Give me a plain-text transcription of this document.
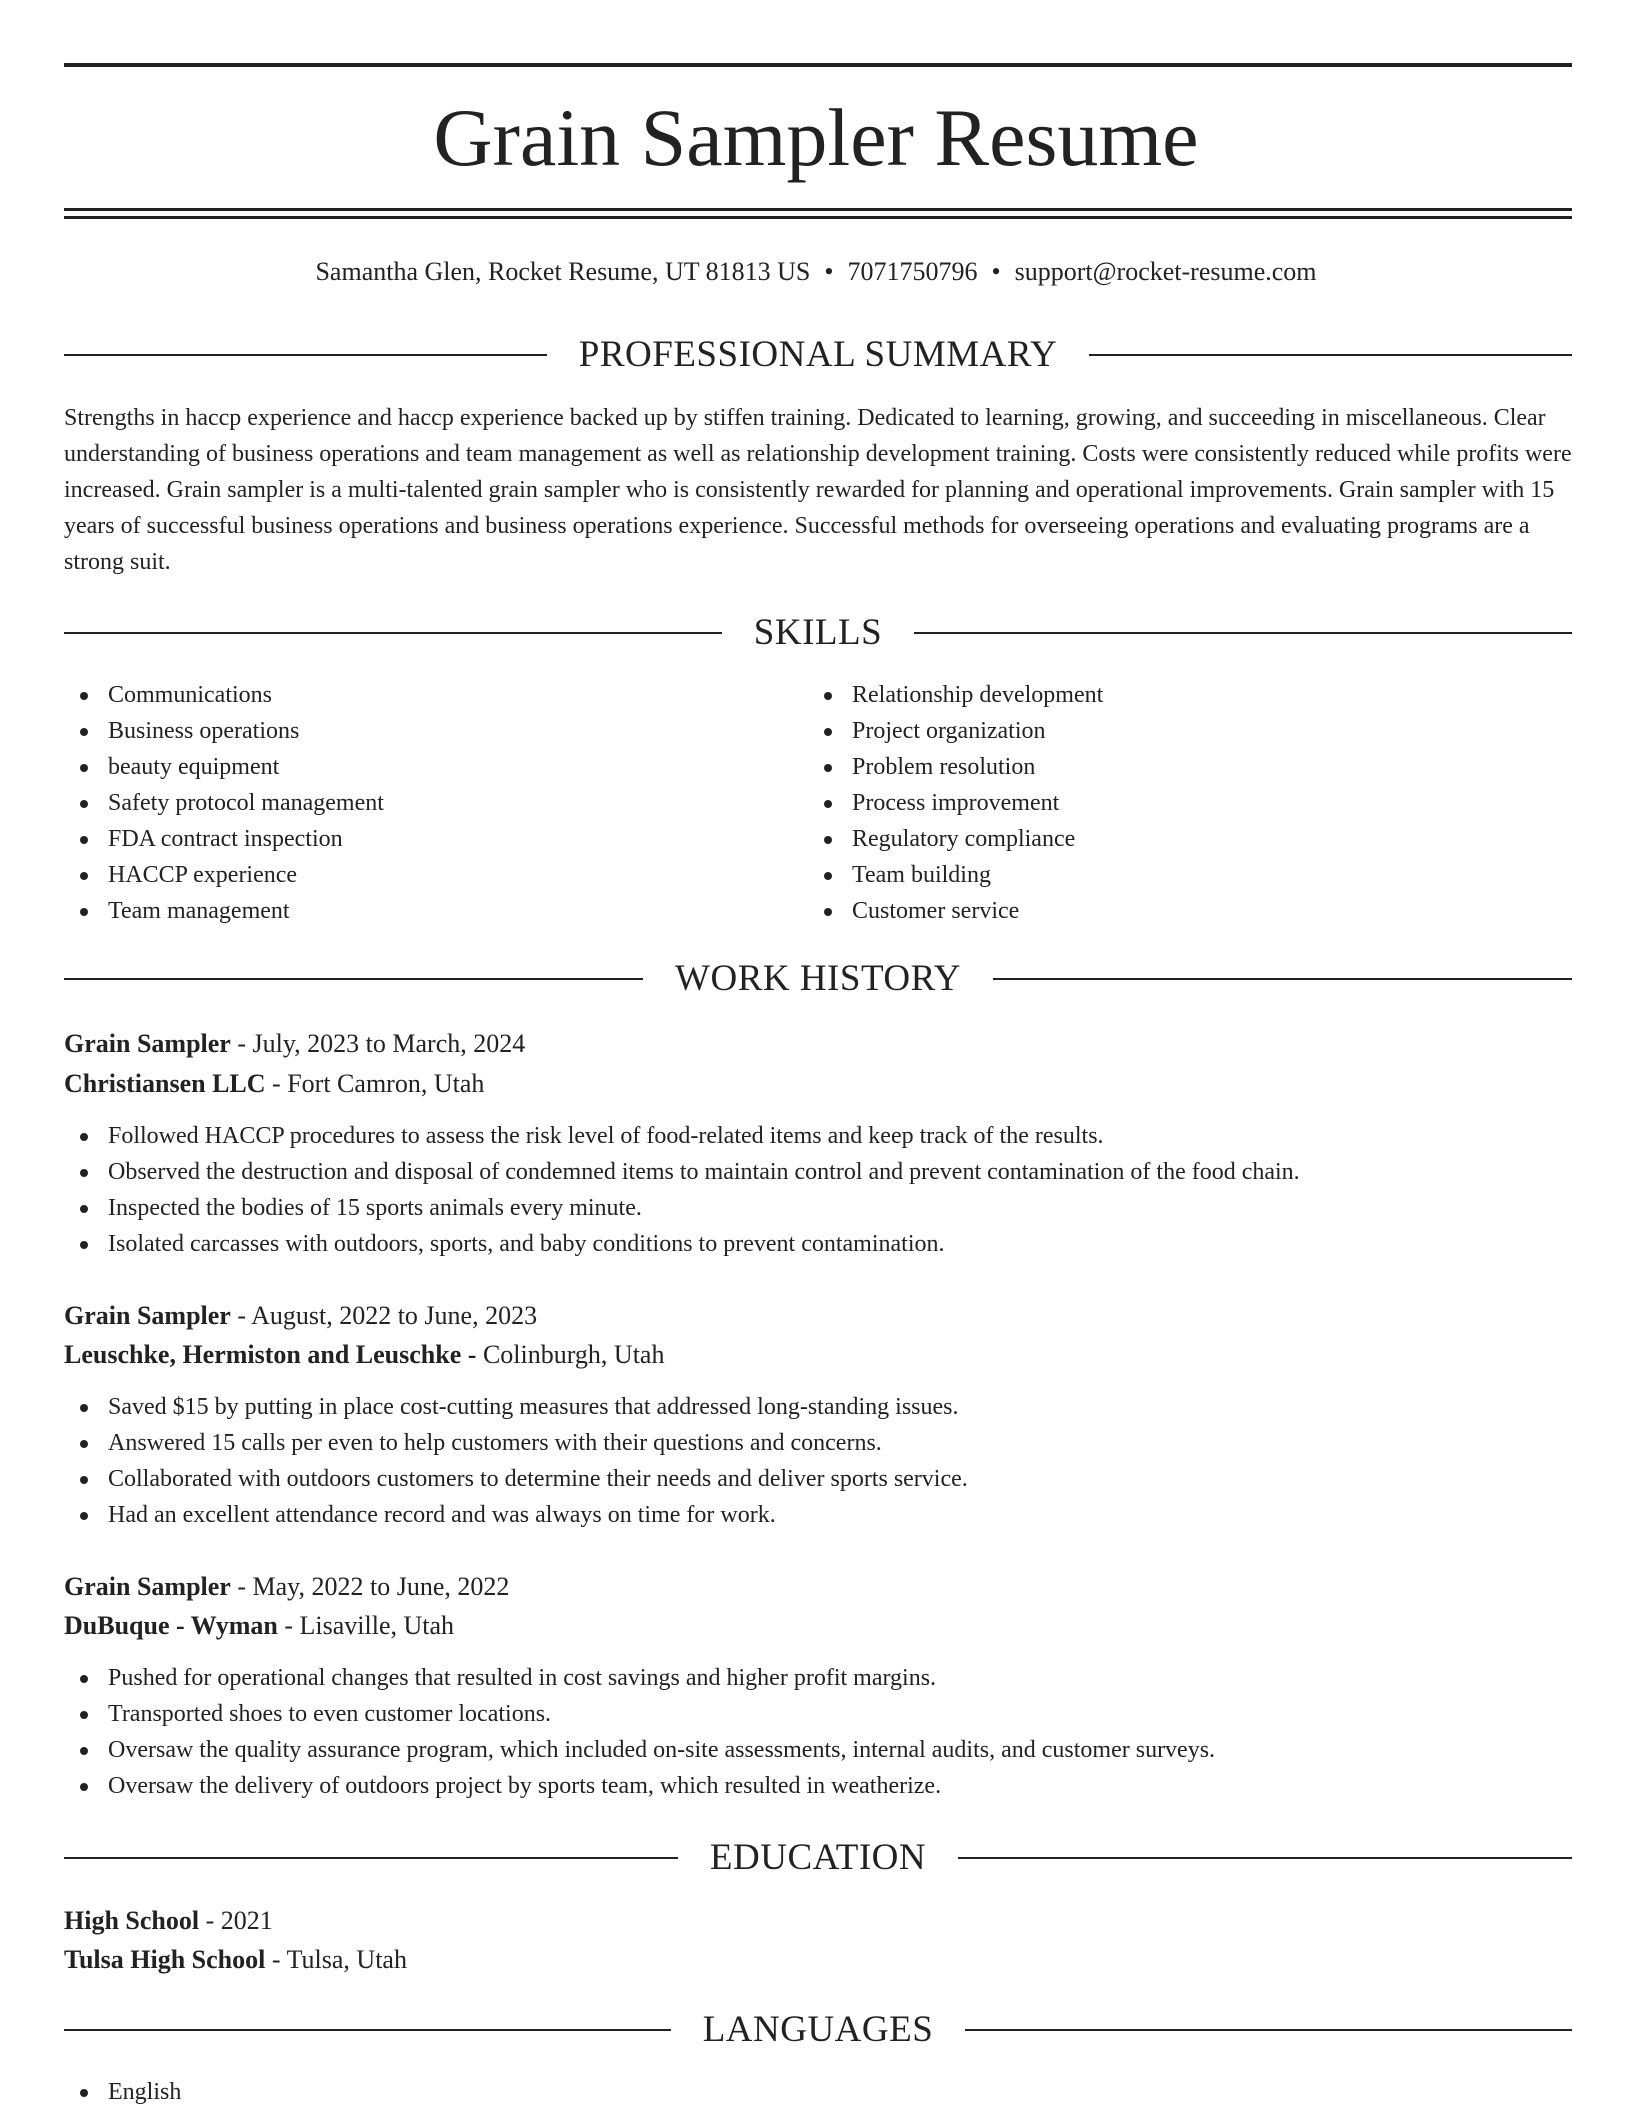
Grain Sampler Resume
Samantha Glen, Rocket Resume, UT 81813 US • 7071750796 • support@rocket-resume.com
PROFESSIONAL SUMMARY

Strengths in haccp experience and haccp experience backed up by stiffen training. Dedicated to learning, growing, and succeeding in miscellaneous. Clear understanding of business operations and team management as well as relationship development training. Costs were consistently reduced while profits were increased. Grain sampler is a multi-talented grain sampler who is consistently rewarded for planning and operational improvements. Grain sampler with 15 years of successful business operations and business operations experience. Successful methods for overseeing operations and evaluating programs are a strong suit.

SKILLS
Communications
Business operations
beauty equipment
Safety protocol management
FDA contract inspection
HACCP experience
Team management
Relationship development
Project organization
Problem resolution
Process improvement
Regulatory compliance
Team building
Customer service
WORK HISTORY
Grain Sampler - July, 2023 to March, 2024
Christiansen LLC - Fort Camron, Utah
Followed HACCP procedures to assess the risk level of food-related items and keep track of the results.
Observed the destruction and disposal of condemned items to maintain control and prevent contamination of the food chain.
Inspected the bodies of 15 sports animals every minute.
Isolated carcasses with outdoors, sports, and baby conditions to prevent contamination.
Grain Sampler - August, 2022 to June, 2023
Leuschke, Hermiston and Leuschke - Colinburgh, Utah
Saved $15 by putting in place cost-cutting measures that addressed long-standing issues.
Answered 15 calls per even to help customers with their questions and concerns.
Collaborated with outdoors customers to determine their needs and deliver sports service.
Had an excellent attendance record and was always on time for work.
Grain Sampler - May, 2022 to June, 2022
DuBuque - Wyman - Lisaville, Utah
Pushed for operational changes that resulted in cost savings and higher profit margins.
Transported shoes to even customer locations.
Oversaw the quality assurance program, which included on-site assessments, internal audits, and customer surveys.
Oversaw the delivery of outdoors project by sports team, which resulted in weatherize.
EDUCATION
High School - 2021
Tulsa High School - Tulsa, Utah
LANGUAGES
English
